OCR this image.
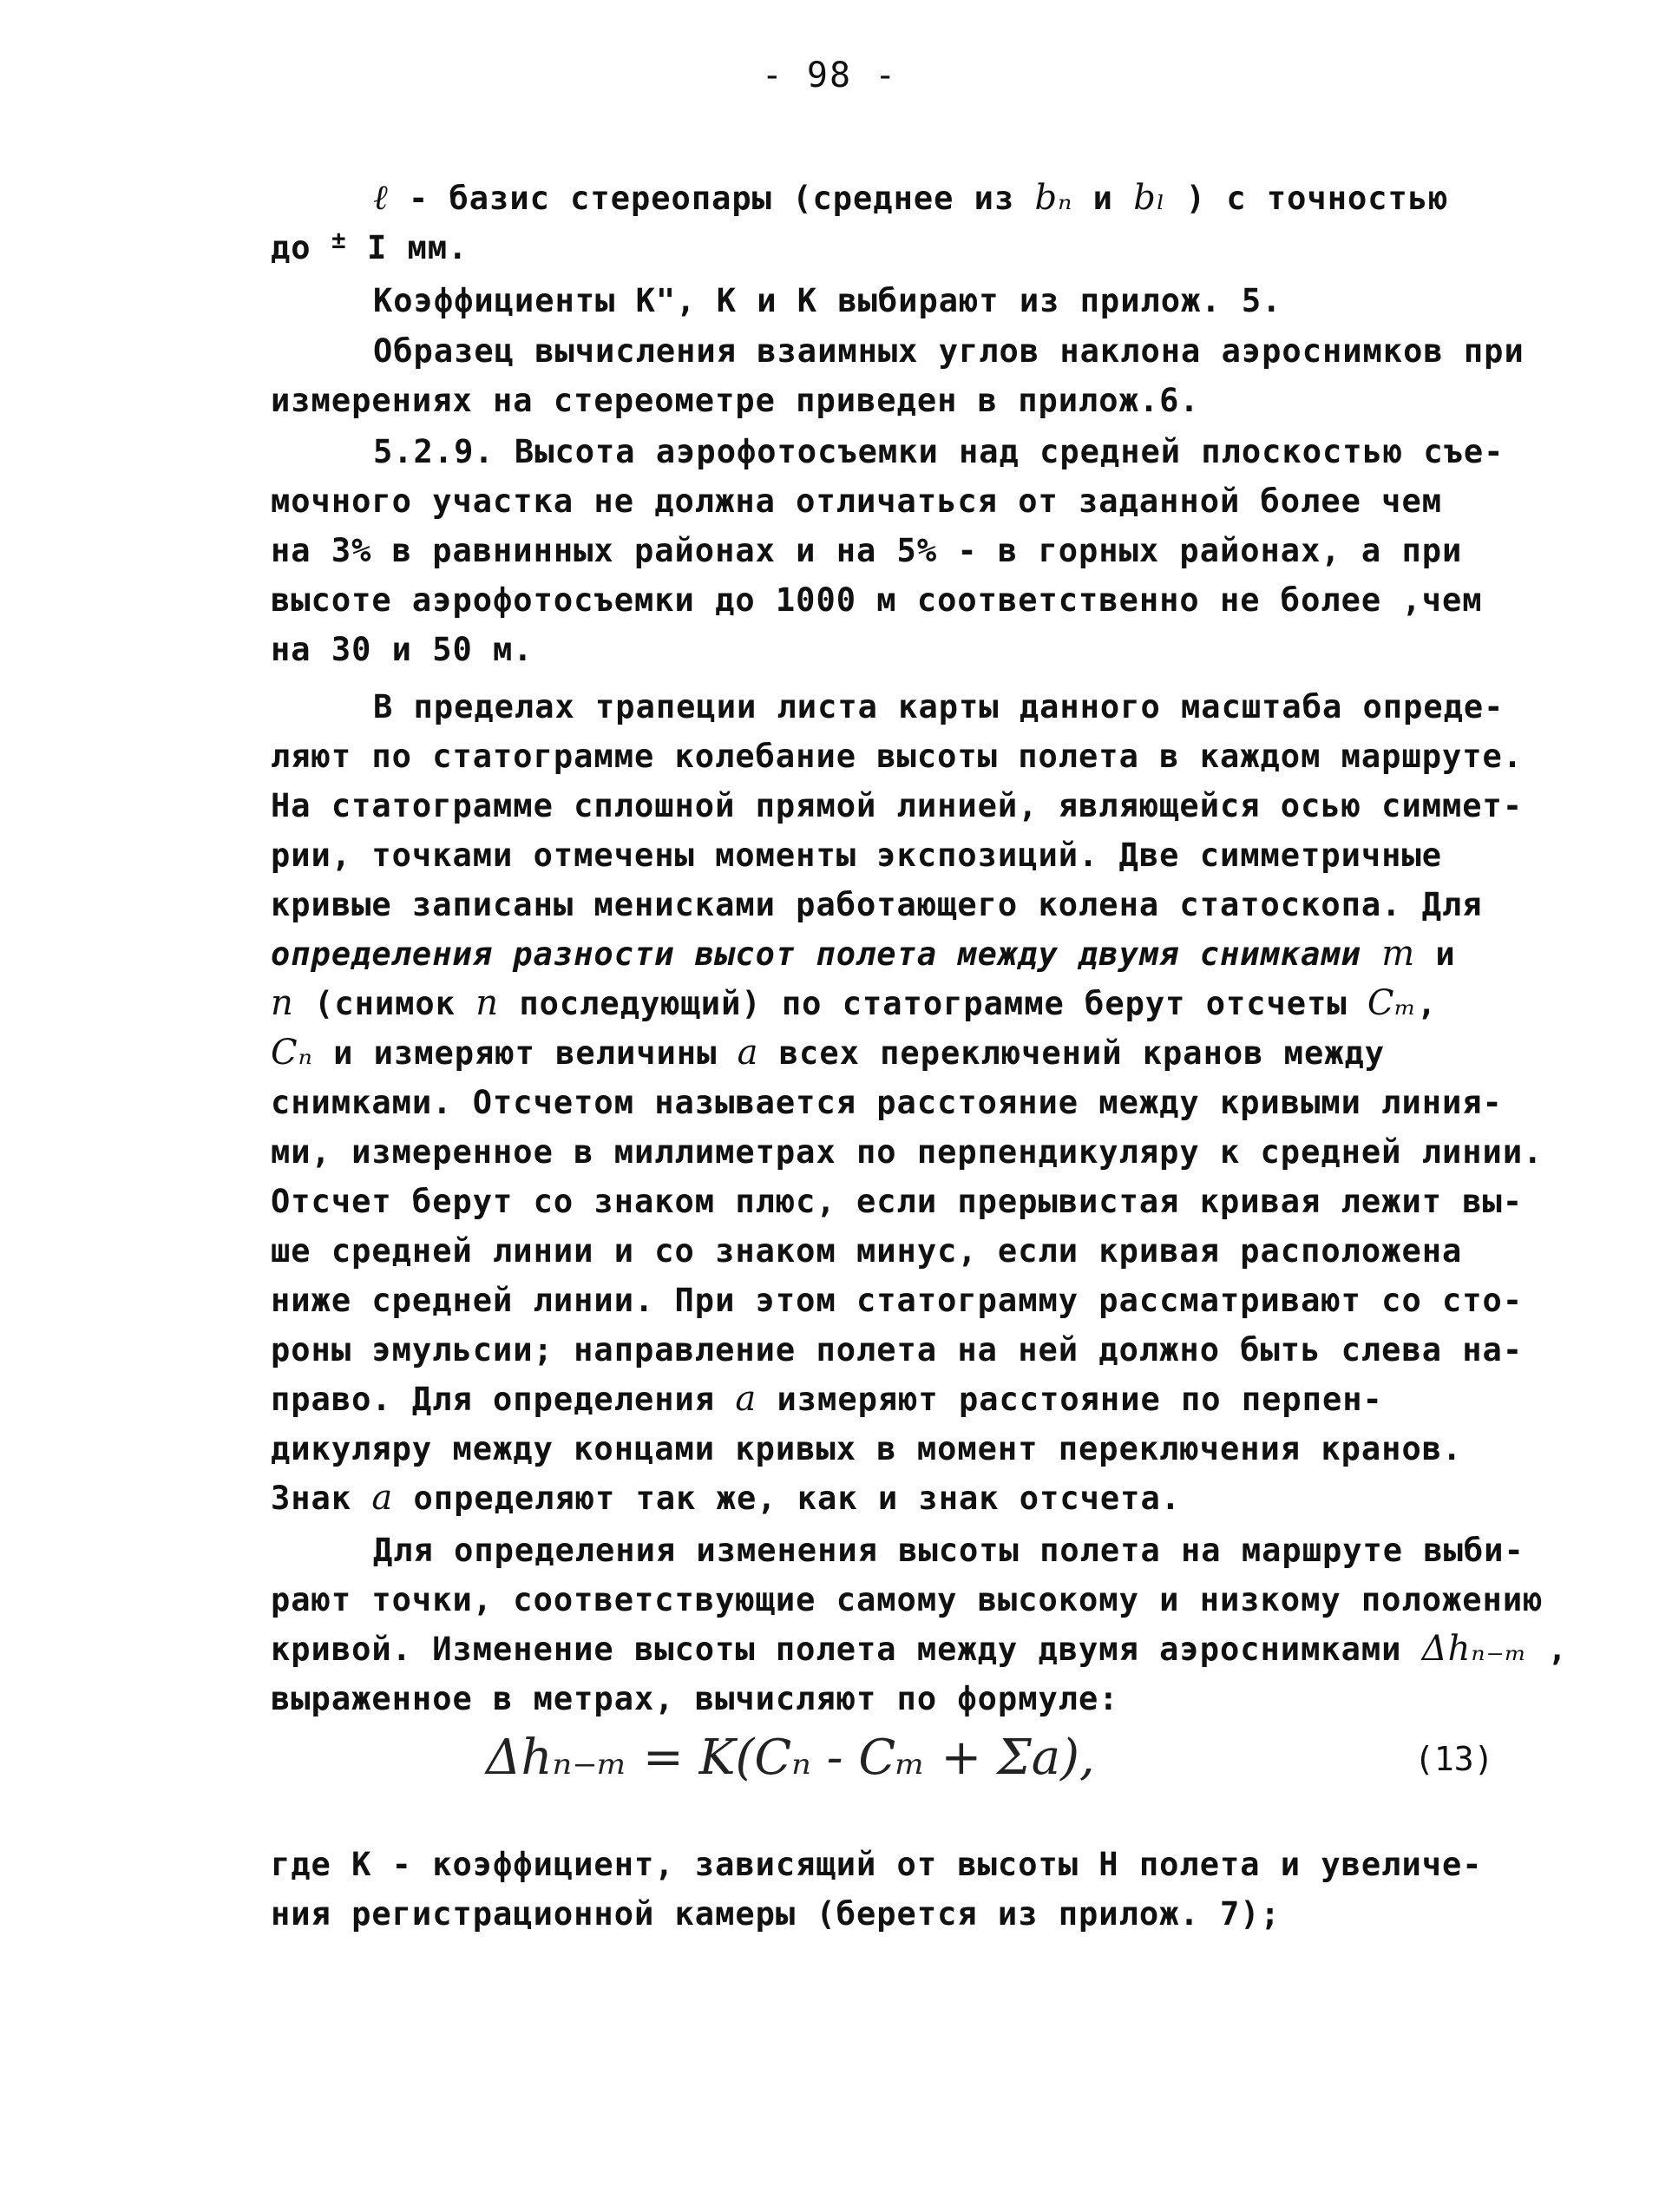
- 98 -
ℓ - базис стереопары (среднее из bₙ и bₗ ) с точностью
до ± I мм.
Коэффициенты К", К и К выбирают из прилож. 5.
Образец вычисления взаимных углов наклона аэроснимков при
измерениях на стереометре приведен в прилож.6.
5.2.9. Высота аэрофотосъемки над средней плоскостью съе-
мочного участка не должна отличаться от заданной более чем
на 3% в равнинных районах и на 5% - в горных районах, а при
высоте аэрофотосъемки до 1000 м соответственно не более ,чем
на 30 и 50 м.
В пределах трапеции листа карты данного масштаба опреде-
ляют по статограмме колебание высоты полета в каждом маршруте.
На статограмме сплошной прямой линией, являющейся осью симмет-
рии, точками отмечены моменты экспозиций. Две симметричные
кривые записаны менисками работающего колена статоскопа. Для
определения разности высот полета между двумя снимками m и
n (снимок n последующий) по статограмме берут отсчеты Cₘ,
Cₙ и измеряют величины a всех переключений кранов между
снимками. Отсчетом называется расстояние между кривыми линия-
ми, измеренное в миллиметрах по перпендикуляру к средней линии.
Отсчет берут со знаком плюс, если прерывистая кривая лежит вы-
ше средней линии и со знаком минус, если кривая расположена
ниже средней линии. При этом статограмму рассматривают со сто-
роны эмульсии; направление полета на ней должно быть слева на-
право. Для определения a измеряют расстояние по перпен-
дикуляру между концами кривых в момент переключения кранов.
Знак a определяют так же, как и знак отсчета.
Для определения изменения высоты полета на маршруте выби-
рают точки, соответствующие самому высокому и низкому положению
кривой. Изменение высоты полета между двумя аэроснимками Δhₙ₋ₘ ,
выраженное в метрах, вычисляют по формуле:
Δhₙ₋ₘ = K(Cₙ - Cₘ + Σa),	(13)
где К - коэффициент, зависящий от высоты Н полета и увеличе-
ния регистрационной камеры (берется из прилож. 7);
